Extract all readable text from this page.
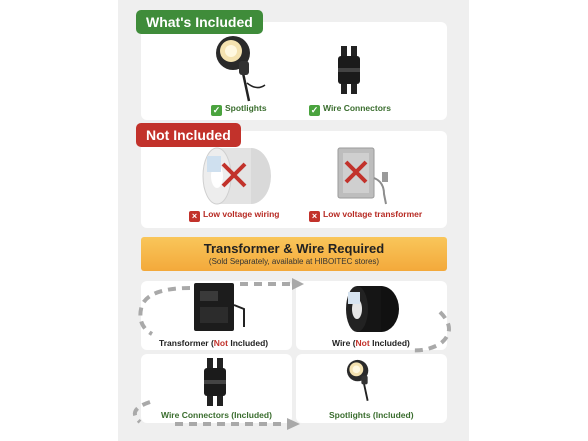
What's Included
✓ Spotlights	✓ Wire Connectors
Not Included
× Low voltage wiring	× Low voltage transformer
Transformer & Wire Required
(Sold Separately, available at HIBOITEC stores)
Transformer (Not Included)	Wire (Not Included)
Wire Connectors (Included)	Spotlights (Included)
